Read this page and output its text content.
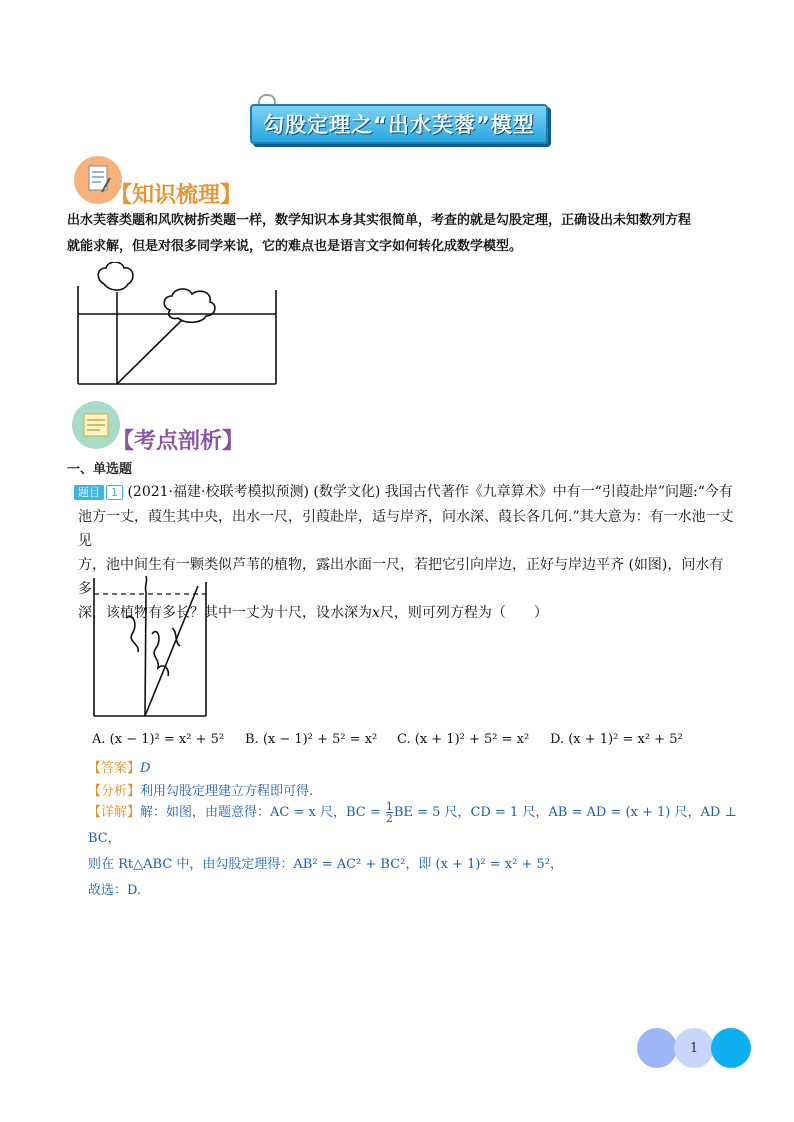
勾股定理之“出水芙蓉”模型
【知识梳理】
出水芙蓉类题和风吹树折类题一样，数学知识本身其实很简单，考查的就是勾股定理，正确设出未知数列方程
就能求解，但是对很多同学来说，它的难点也是语言文字如何转化成数学模型。
【考点剖析】
一、单选题
题目 1 (2021·福建·校联考模拟预测) (数学文化) 我国古代著作《九章算术》中有一“引葭赴岸”问题:“今有
池方一丈，葭生其中央，出水一尺，引葭赴岸，适与岸齐，问水深、葭长各几何.”其大意为：有一水池一丈见
方，池中间生有一颗类似芦苇的植物，露出水面一尺，若把它引向岸边，正好与岸边平齐 (如图)，问水有多
深，该植物有多长？其中一丈为十尺，设水深为x尺，则可列方程为（　　）
A. (x − 1)² = x² + 5² B. (x − 1)² + 5² = x² C. (x + 1)² + 5² = x² D. (x + 1)² = x² + 5²
【答案】D
【分析】利用勾股定理建立方程即可得.
【详解】解：如图，由题意得：AC = x 尺，BC = $\frac{1}{2}$ BE = 5 尺，CD = 1 尺，AB = AD = (x + 1) 尺，AD ⊥ BC，
则在 Rt△ABC 中，由勾股定理得：AB² = AC² + BC²，即 (x + 1)² = x² + 5²，
故选：D.
1
